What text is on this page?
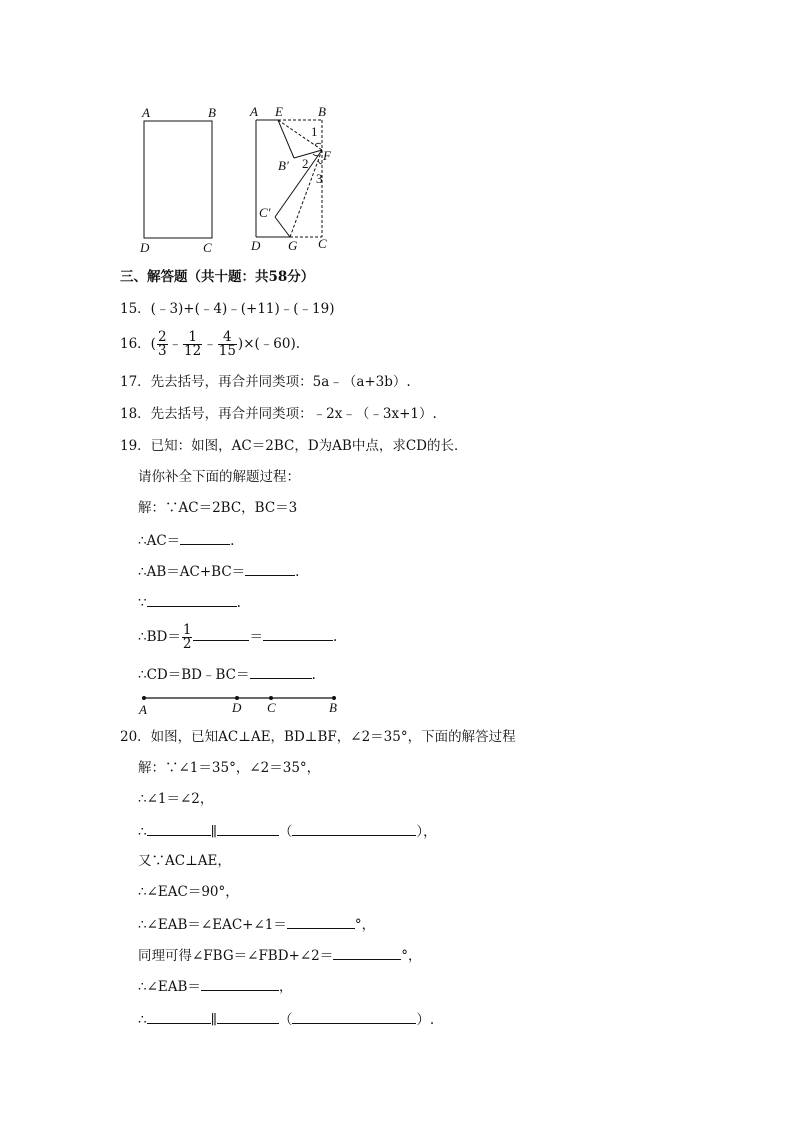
A	B
D	C
A E	B
1
B′ 2
F
3
C′
D G C
三、解答题（共十题：共58分）
15．(﹣3)+(﹣4)﹣(+11)﹣(﹣19)
16．( $\frac{2}{3}$ ﹣ $\frac{1}{12}$ ﹣ $\frac{4}{15}$ )×(﹣60).
17．先去括号，再合并同类项：5a﹣（a+3b）.
18．先去括号，再合并同类项：﹣2x﹣（﹣3x+1）.
19．已知：如图，AC＝2BC，D为AB中点，求CD的长．
请你补全下面的解题过程：
解：∵AC＝2BC，BC＝3
∴AC＝	.
∴AB＝AC+BC＝	.
∵	.
∴BD＝ $\frac{1}{2}$	＝	.
∴CD＝BD﹣BC＝	.
A	D C	B
20．如图，已知AC⊥AE，BD⊥BF，∠2＝35°，下面的解答过程
解：∵∠1＝35°，∠2＝35°，
∴∠1＝∠2，
∴	∥	（	），
又∵AC⊥AE，
∴∠EAC＝90°，
∴∠EAB＝∠EAC+∠1＝	°，
同理可得∠FBG＝∠FBD+∠2＝	°，
∴∠EAB＝	，
∴	∥	（	）.
